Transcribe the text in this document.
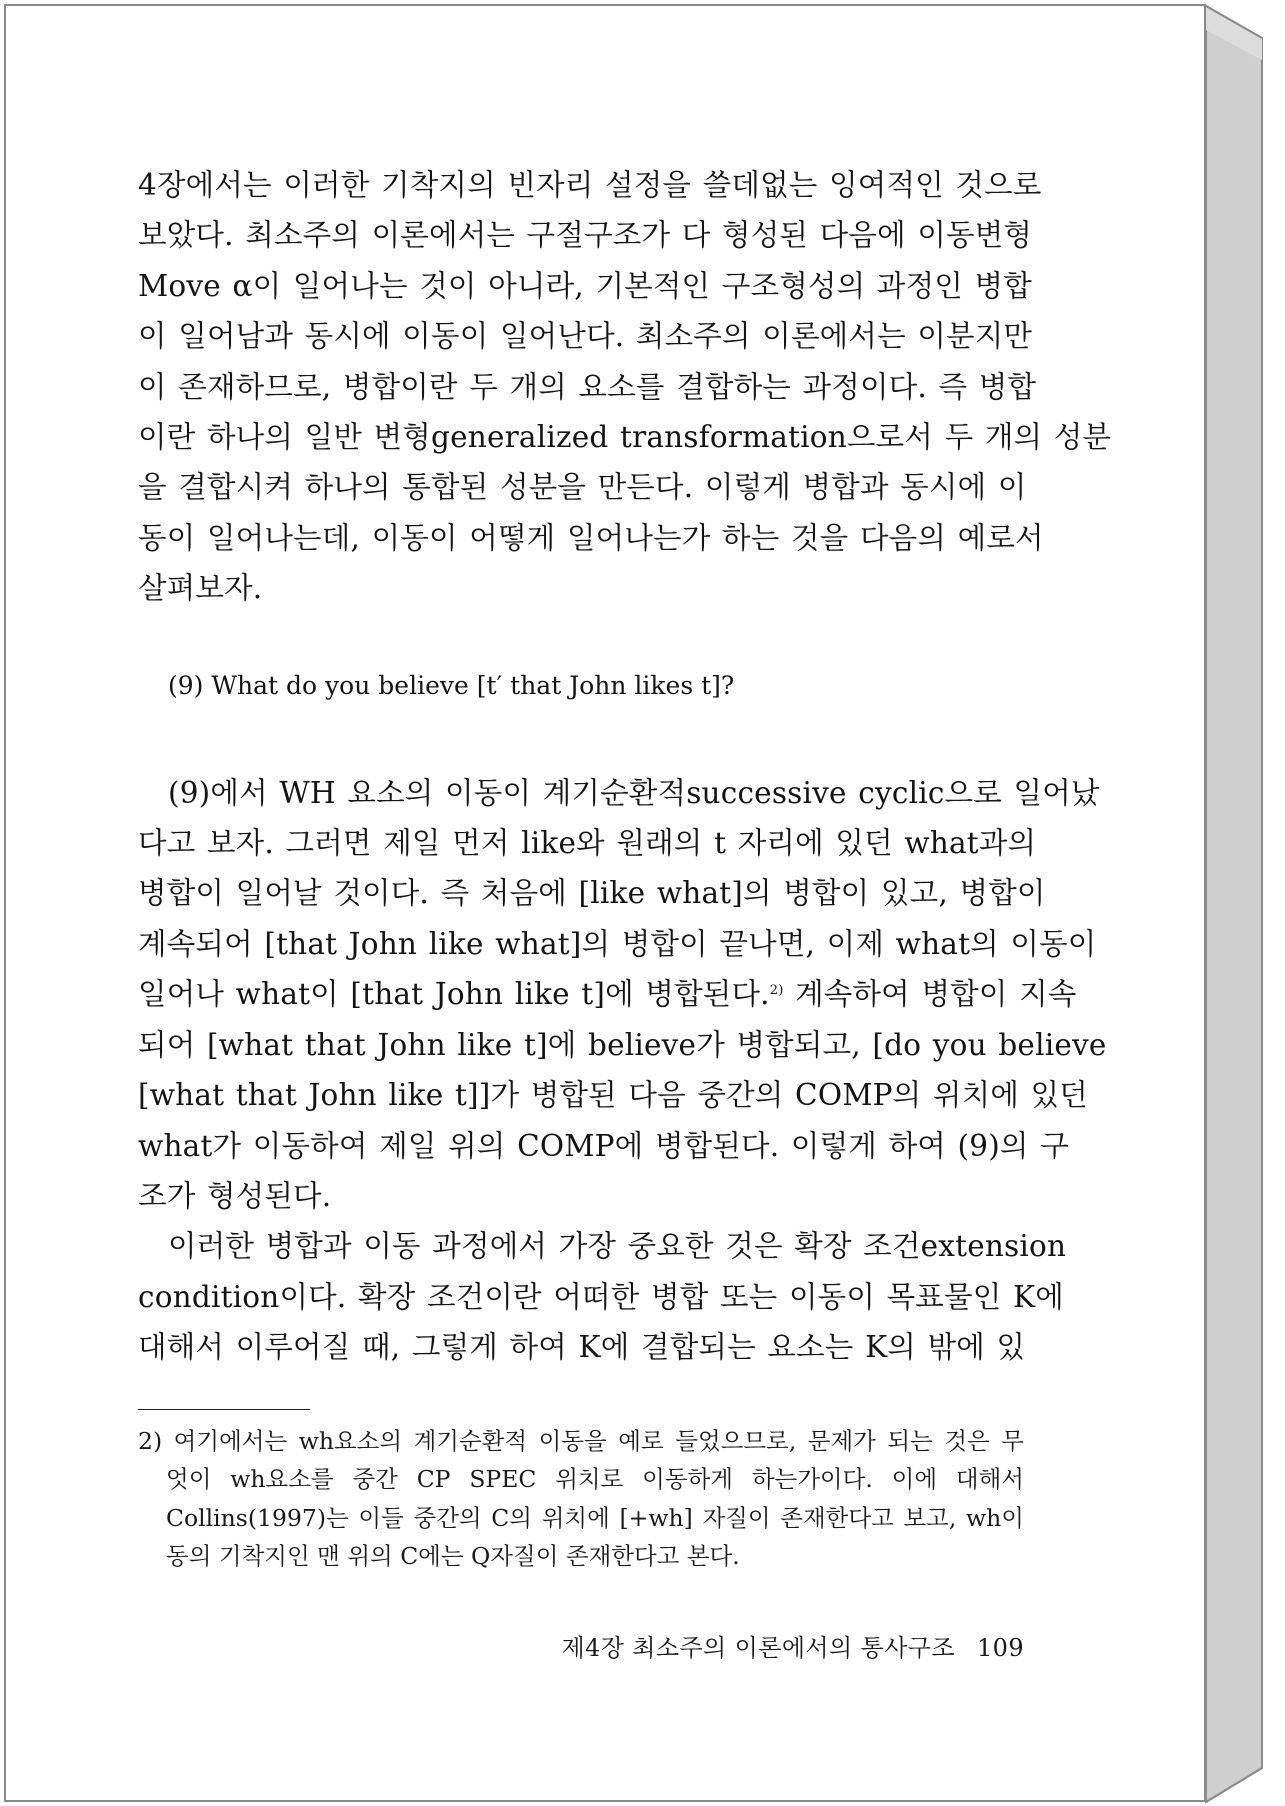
4장에서는 이러한 기착지의 빈자리 설정을 쓸데없는 잉여적인 것으로
보았다. 최소주의 이론에서는 구절구조가 다 형성된 다음에 이동변형
Move α이 일어나는 것이 아니라, 기본적인 구조형성의 과정인 병합
이 일어남과 동시에 이동이 일어난다. 최소주의 이론에서는 이분지만
이 존재하므로, 병합이란 두 개의 요소를 결합하는 과정이다. 즉 병합
이란 하나의 일반 변형generalized transformation으로서 두 개의 성분
을 결합시켜 하나의 통합된 성분을 만든다. 이렇게 병합과 동시에 이
동이 일어나는데, 이동이 어떻게 일어나는가 하는 것을 다음의 예로서
살펴보자.

(9) What do you believe [t′ that John likes t]?

(9)에서 WH 요소의 이동이 계기순환적successive cyclic으로 일어났
다고 보자. 그러면 제일 먼저 like와 원래의 t 자리에 있던 what과의
병합이 일어날 것이다. 즉 처음에 [like what]의 병합이 있고, 병합이
계속되어 [that John like what]의 병합이 끝나면, 이제 what의 이동이
일어나 what이 [that John like t]에 병합된다.$^{2)}$ 계속하여 병합이 지속
되어 [what that John like t]에 believe가 병합되고, [do you believe
[what that John like t]]가 병합된 다음 중간의 COMP의 위치에 있던
what가 이동하여 제일 위의 COMP에 병합된다. 이렇게 하여 (9)의 구
조가 형성된다.
이러한 병합과 이동 과정에서 가장 중요한 것은 확장 조건extension
condition이다. 확장 조건이란 어떠한 병합 또는 이동이 목표물인 K에
대해서 이루어질 때, 그렇게 하여 K에 결합되는 요소는 K의 밖에 있
2) 여기에서는 wh요소의 계기순환적 이동을 예로 들었으므로, 문제가 되는 것은 무
엇이 wh요소를 중간 CP SPEC 위치로 이동하게 하는가이다. 이에 대해서
Collins(1997)는 이들 중간의 C의 위치에 [+wh] 자질이 존재한다고 보고, wh이
동의 기착지인 맨 위의 C에는 Q자질이 존재한다고 본다.
제4장 최소주의 이론에서의 통사구조 109
